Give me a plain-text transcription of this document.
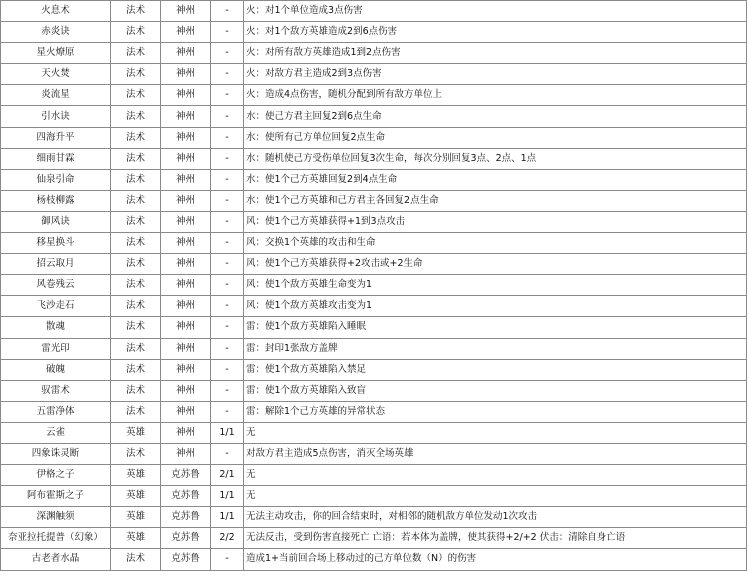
火息术	法术	神州	-	火：对1个单位造成3点伤害
赤炎诀	法术	神州	-	火：对1个敌方英雄造成2到6点伤害
星火燎原	法术	神州	-	火：对所有敌方英雄造成1到2点伤害
天火焚	法术	神州	-	火：对敌方君主造成2到3点伤害
炎流星	法术	神州	-	火：造成4点伤害，随机分配到所有敌方单位上
引水诀	法术	神州	-	水：使己方君主回复2到6点生命
四海升平	法术	神州	-	水：使所有己方单位回复2点生命
细雨甘霖	法术	神州	-	水：随机使己方受伤单位回复3次生命，每次分别回复3点、2点、1点
仙泉引命	法术	神州	-	水：使1个己方英雄回复2到4点生命
杨枝柳露	法术	神州	-	水：使1个己方英雄和己方君主各回复2点生命
御风诀	法术	神州	-	风：使1个己方英雄获得+1到3点攻击
移星换斗	法术	神州	-	风：交换1个英雄的攻击和生命
招云取月	法术	神州	-	风：使1个己方英雄获得+2攻击或+2生命
风卷残云	法术	神州	-	风：使1个敌方英雄生命变为1
飞沙走石	法术	神州	-	风：使1个敌方英雄攻击变为1
散魂	法术	神州	-	雷：使1个敌方英雄陷入睡眠
雷光印	法术	神州	-	雷：封印1张敌方盖牌
破魄	法术	神州	-	雷：使1个敌方英雄陷入禁足
驭雷术	法术	神州	-	雷：使1个敌方英雄陷入致盲
五雷净体	法术	神州	-	雷：解除1个己方英雄的异常状态
云雀	英雄	神州	1/1	无
四象诛灵断	法术	神州	-	对敌方君主造成5点伤害，消灭全场英雄
伊格之子	英雄	克苏鲁	2/1	无
阿布霍斯之子	英雄	克苏鲁	1/1	无
深渊触须	英雄	克苏鲁	1/1	无法主动攻击，你的回合结束时，对相邻的随机敌方单位发动1次攻击
奈亚拉托提普（幻象）	英雄	克苏鲁	2/2	无法反击，受到伤害直接死亡 亡语：若本体为盖牌，使其获得+2/+2 伏击：清除自身亡语
古老者水晶	法术	克苏鲁	-	造成1+当前回合场上移动过的己方单位数（N）的伤害
